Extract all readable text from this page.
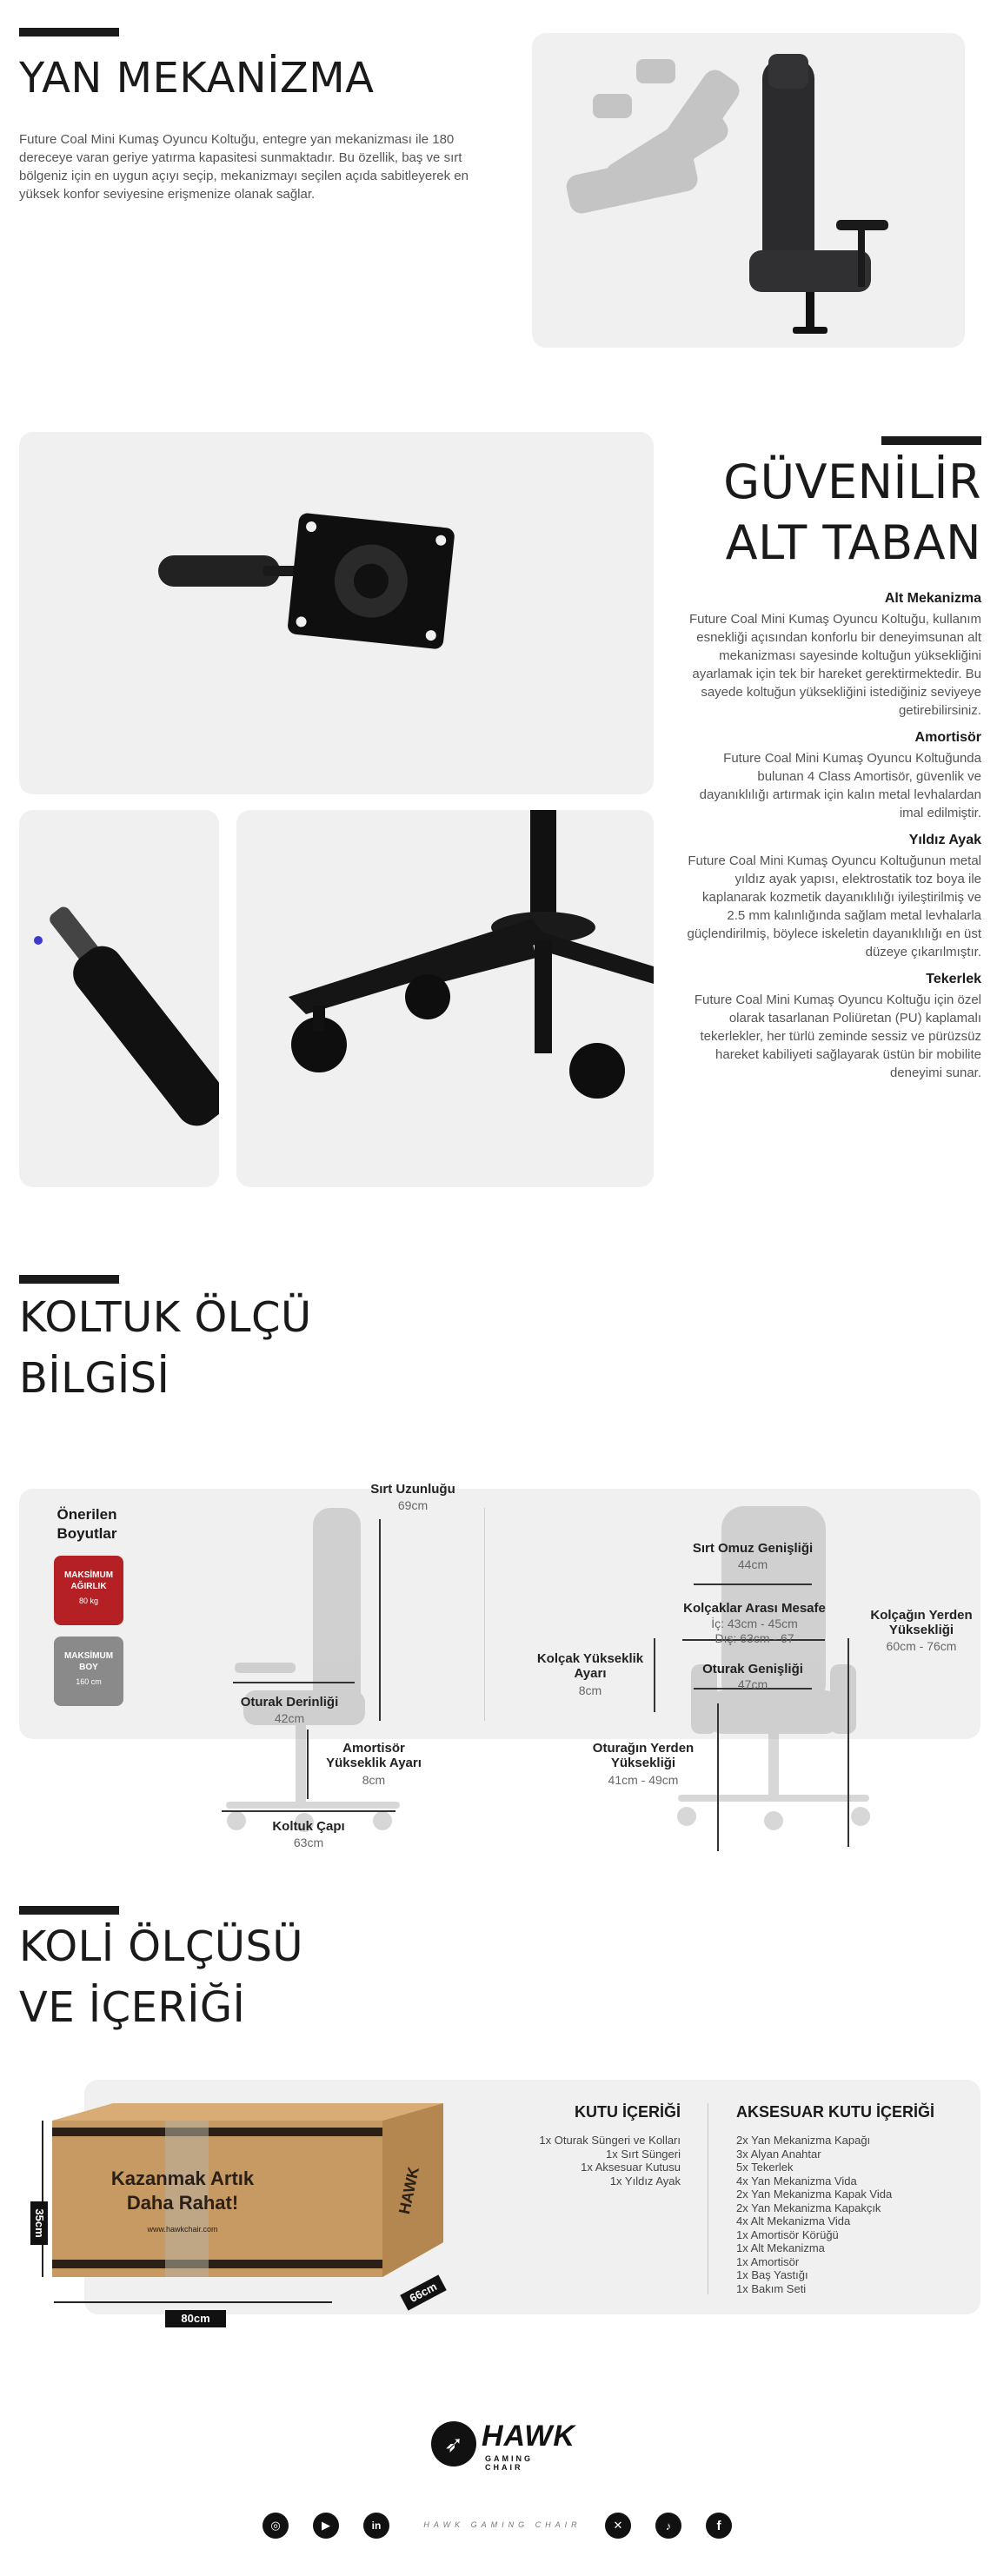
YAN MEKANİZMA
Future Coal Mini Kumaş Oyuncu Koltuğu, entegre yan mekanizması ile 180 dereceye varan geriye yatırma kapasitesi sunmaktadır. Bu özellik, baş ve sırt bölgeniz için en uygun açıyı seçip, mekanizmayı seçilen açıda sabitleyerek en yüksek konfor seviyesine erişmenize olanak sağlar.
GÜVENİLİR
ALT TABAN
Alt Mekanizma
Future Coal Mini Kumaş Oyuncu Koltuğu, kullanım esnekliği açısından konforlu bir deneyimsunan alt mekanizması sayesinde koltuğun yüksekliğini ayarlamak için tek bir hareket gerektirmektedir. Bu sayede koltuğun yüksekliğini istediğiniz seviyeye getirebilirsiniz.
Amortisör
Future Coal Mini Kumaş Oyuncu Koltuğunda bulunan 4 Class Amortisör, güvenlik ve dayanıklılığı artırmak için kalın metal levhalardan imal edilmiştir.
Yıldız Ayak
Future Coal Mini Kumaş Oyuncu Koltuğunun metal yıldız ayak yapısı, elektrostatik toz boya ile kaplanarak kozmetik dayanıklılığı iyileştirilmiş ve 2.5 mm kalınlığında sağlam metal levhalarla güçlendirilmiş, böylece iskeletin dayanıklılığı en üst düzeye çıkarılmıştır.
Tekerlek
Future Coal Mini Kumaş Oyuncu Koltuğu için özel olarak tasarlanan Poliüretan (PU) kaplamalı tekerlekler, her türlü zeminde sessiz ve pürüzsüz hareket kabiliyeti sağlayarak üstün bir mobilite deneyimi sunar.
KOLTUK ÖLÇÜ
BİLGİSİ
Önerilen Boyutlar
MAKSİMUM AĞIRLIK
80 kg
MAKSİMUM BOY
160 cm
Sırt Uzunluğu
69cm
Oturak Derinliği
42cm
Amortisör Yükseklik Ayarı
8cm
Koltuk Çapı
63cm
Sırt Omuz Genişliği
44cm
Kolçaklar Arası Mesafe
İç: 43cm - 45cm
Dış: 63cm - 67
Oturak Genişliği
47cm
Kolçak Yükseklik Ayarı
8cm
Oturağın Yerden Yüksekliği
41cm - 49cm
Kolçağın Yerden Yüksekliği
60cm - 76cm
KOLİ ÖLÇÜSÜ
VE İÇERİĞİ
Kazanmak Artık
Daha Rahat!
www.hawkchair.com
HAWK
80cm
35cm
66cm
KUTU İÇERİĞİ
1x Oturak Süngeri ve Kolları
1x Sırt Süngeri
1x Aksesuar Kutusu
1x Yıldız Ayak
AKSESUAR KUTU İÇERİĞİ
2x Yan Mekanizma Kapağı
3x Alyan Anahtar
5x Tekerlek
4x Yan Mekanizma Vida
2x Yan Mekanizma Kapak Vida
2x Yan Mekanizma Kapakçık
4x Alt Mekanizma Vida
1x Amortisör Körüğü
1x Alt Mekanizma
1x Amortisör
1x Baş Yastığı
1x Bakım Seti
➶ HAWK
GAMING CHAIR
◎	▶	in	HAWK GAMING CHAIR	✕	♪	f
